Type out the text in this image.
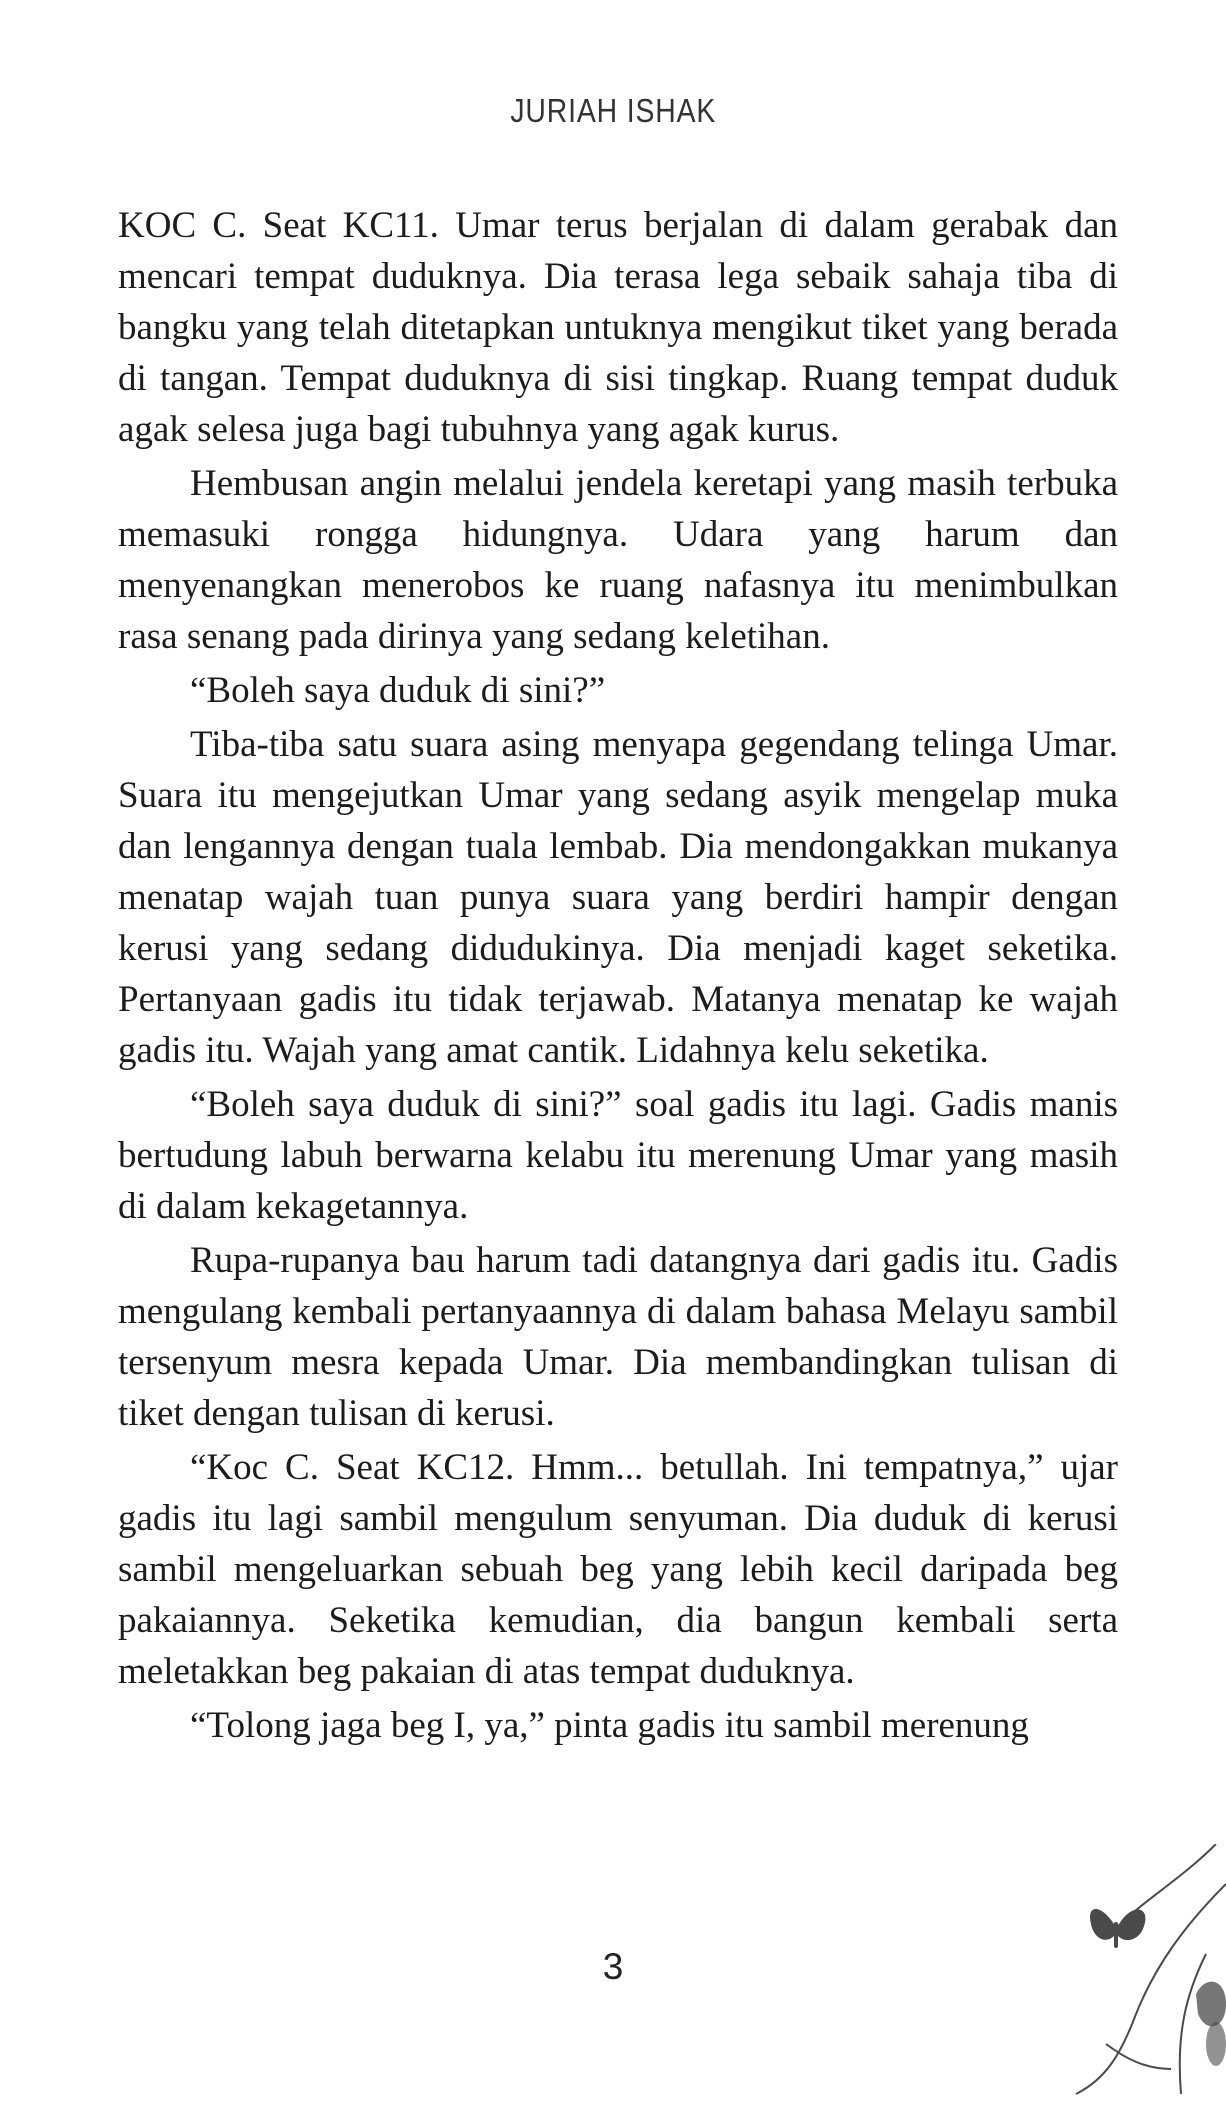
JURIAH ISHAK

KOC C. Seat KC11. Umar terus berjalan di dalam gerabak dan mencari tempat duduknya. Dia terasa lega sebaik sahaja tiba di bangku yang telah ditetapkan untuknya mengikut tiket yang berada di tangan. Tempat duduknya di sisi tingkap. Ruang tempat duduk agak selesa juga bagi tubuhnya yang agak kurus.

Hembusan angin melalui jendela keretapi yang masih terbuka memasuki rongga hidungnya. Udara yang harum dan menyenangkan menerobos ke ruang nafasnya itu menimbulkan rasa senang pada dirinya yang sedang keletihan.

“Boleh saya duduk di sini?”

Tiba-tiba satu suara asing menyapa gegendang telinga Umar. Suara itu mengejutkan Umar yang sedang asyik mengelap muka dan lengannya dengan tuala lembab. Dia mendongakkan mukanya menatap wajah tuan punya suara yang berdiri hampir dengan kerusi yang sedang didudukinya. Dia menjadi kaget seketika. Pertanyaan gadis itu tidak terjawab. Matanya menatap ke wajah gadis itu. Wajah yang amat cantik. Lidahnya kelu seketika.

“Boleh saya duduk di sini?” soal gadis itu lagi. Gadis manis bertudung labuh berwarna kelabu itu merenung Umar yang masih di dalam kekagetannya.

Rupa-rupanya bau harum tadi datangnya dari gadis itu. Gadis mengulang kembali pertanyaannya di dalam bahasa Melayu sambil tersenyum mesra kepada Umar. Dia membandingkan tulisan di tiket dengan tulisan di kerusi.

“Koc C. Seat KC12. Hmm... betullah. Ini tempatnya,” ujar gadis itu lagi sambil mengulum senyuman. Dia duduk di kerusi sambil mengeluarkan sebuah beg yang lebih kecil daripada beg pakaiannya. Seketika kemudian, dia bangun kembali serta meletakkan beg pakaian di atas tempat duduknya.

“Tolong jaga beg I, ya,” pinta gadis itu sambil merenung

3
